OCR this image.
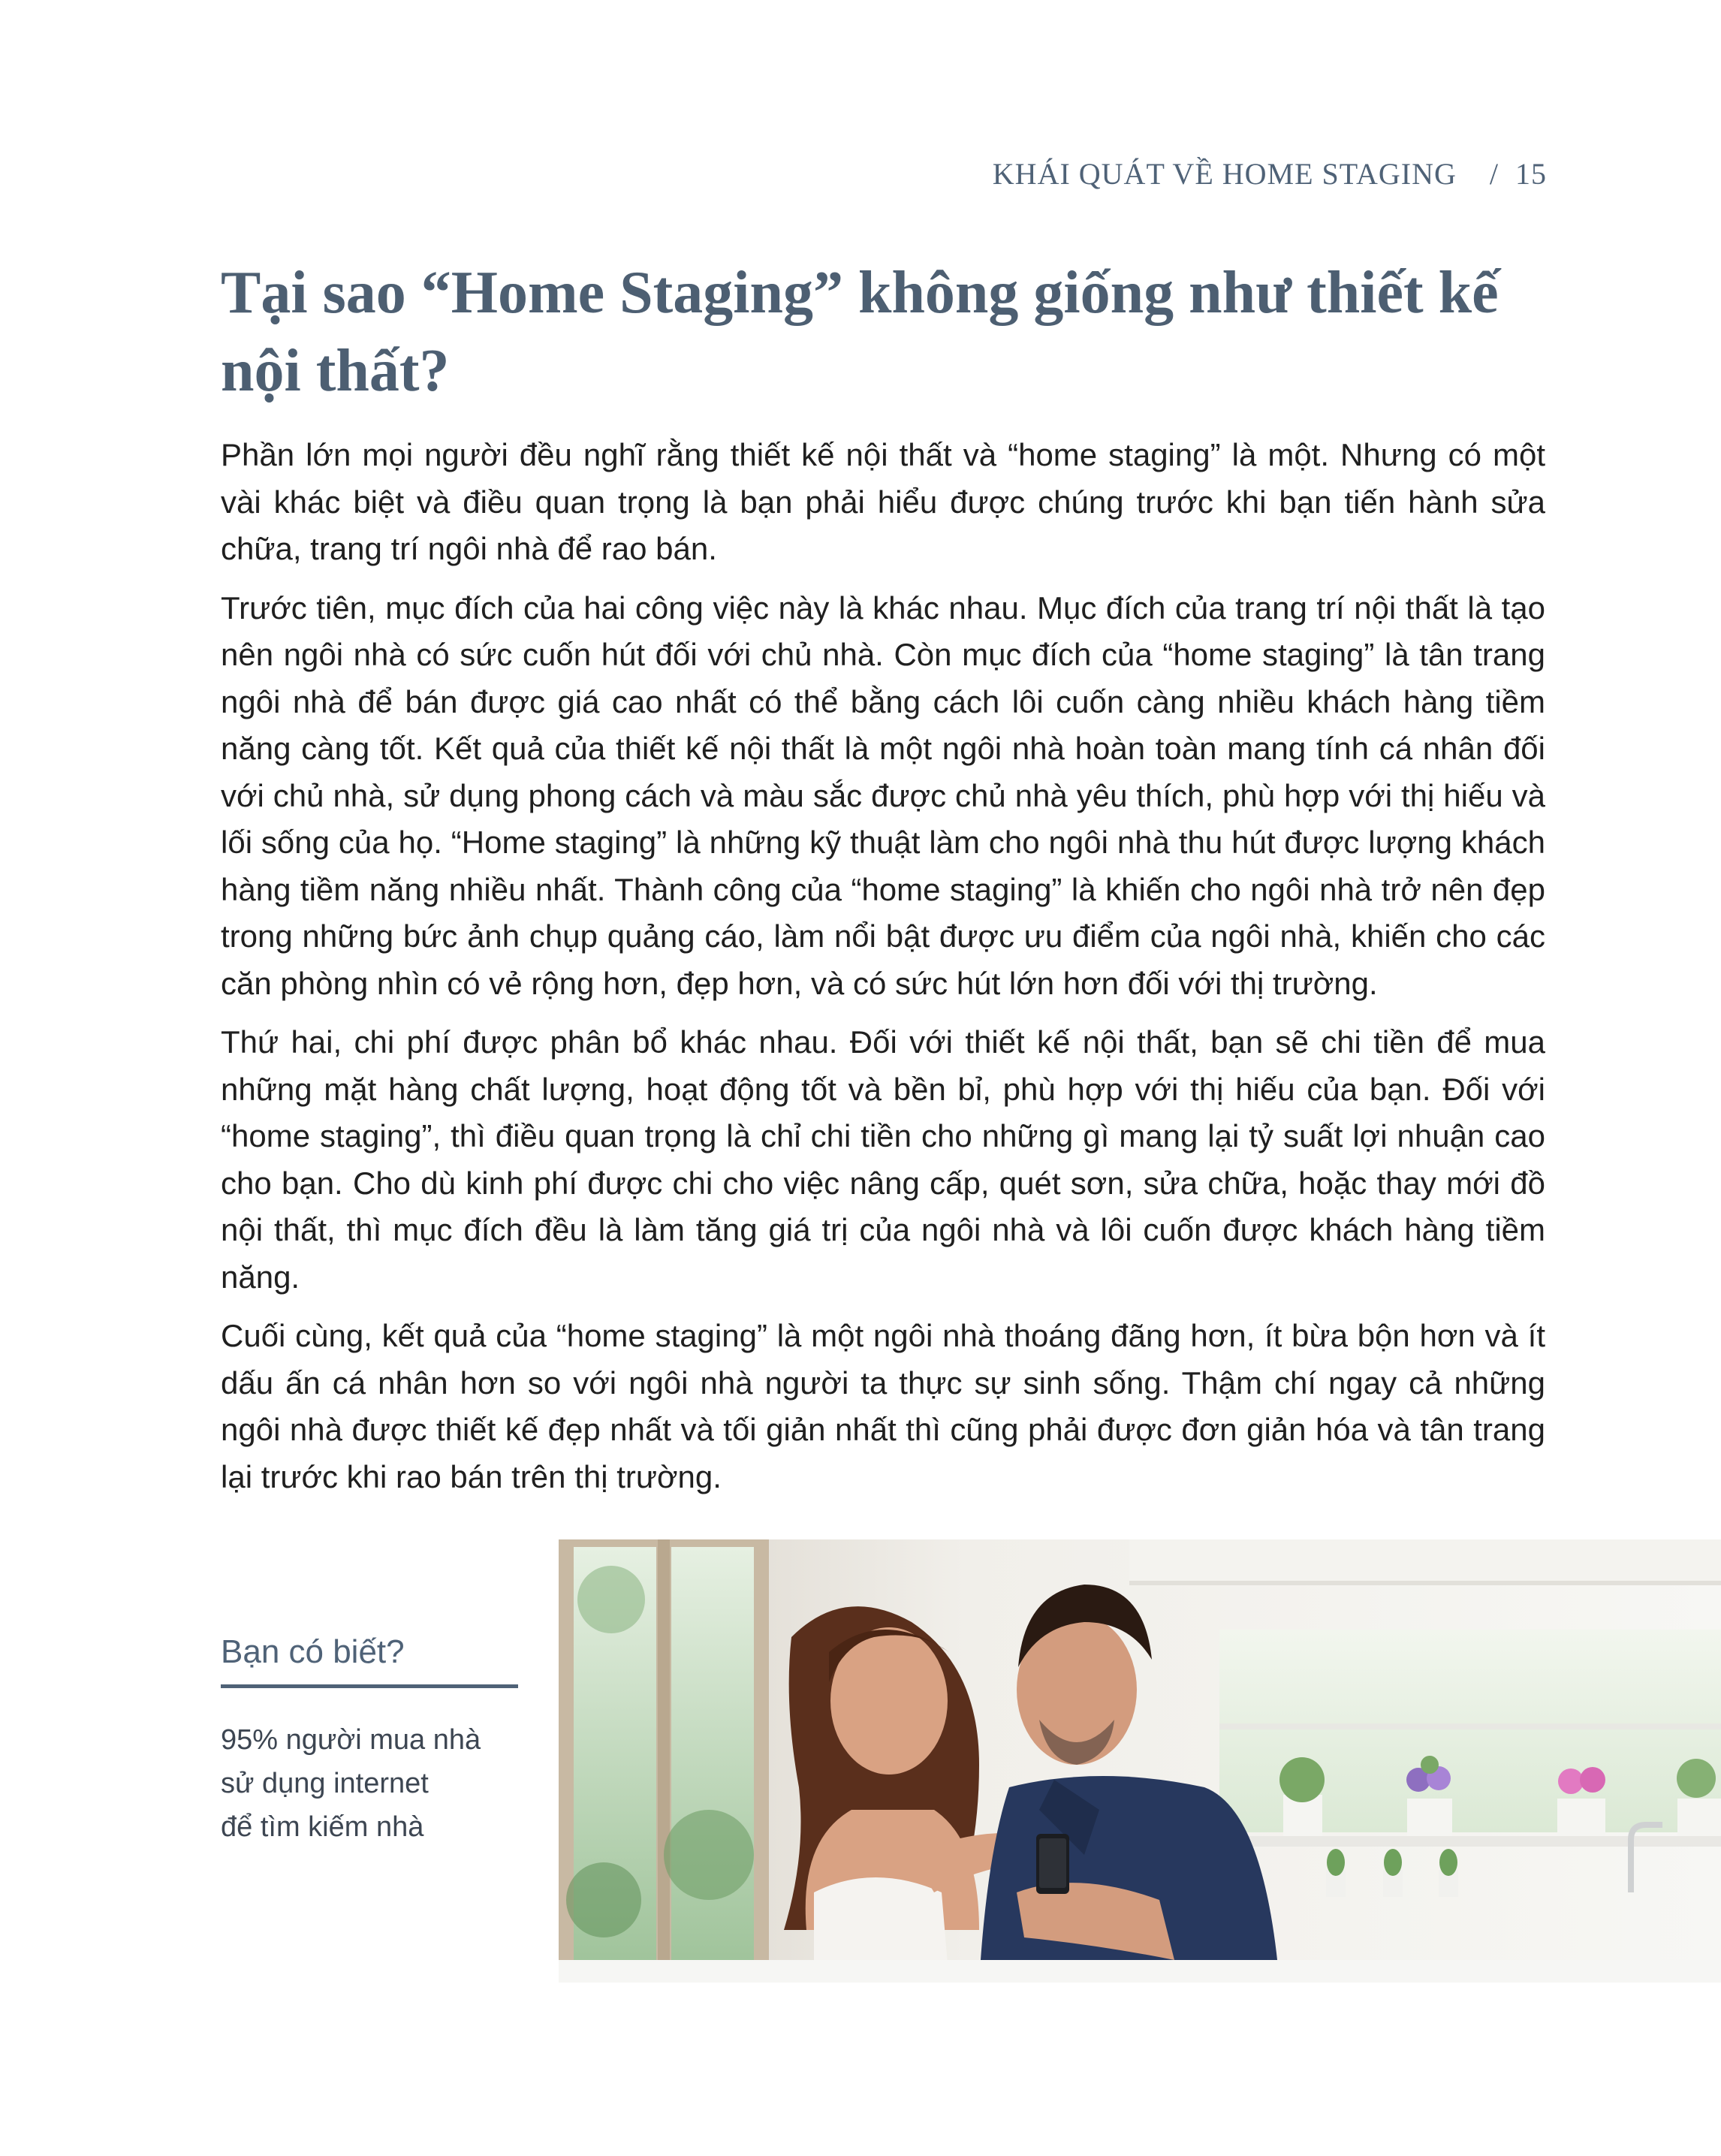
KHÁI QUÁT VỀ HOME STAGING / 15
Tại sao “Home Staging” không giống như thiết kế nội thất?

Phần lớn mọi người đều nghĩ rằng thiết kế nội thất và “home staging” là một. Nhưng có một vài khác biệt và điều quan trọng là bạn phải hiểu được chúng trước khi bạn tiến hành sửa chữa, trang trí ngôi nhà để rao bán.

Trước tiên, mục đích của hai công việc này là khác nhau. Mục đích của trang trí nội thất là tạo nên ngôi nhà có sức cuốn hút đối với chủ nhà. Còn mục đích của “home staging” là tân trang ngôi nhà để bán được giá cao nhất có thể bằng cách lôi cuốn càng nhiều khách hàng tiềm năng càng tốt. Kết quả của thiết kế nội thất là một ngôi nhà hoàn toàn mang tính cá nhân đối với chủ nhà, sử dụng phong cách và màu sắc được chủ nhà yêu thích, phù hợp với thị hiếu và lối sống của họ. “Home staging” là những kỹ thuật làm cho ngôi nhà thu hút được lượng khách hàng tiềm năng nhiều nhất. Thành công của “home staging” là khiến cho ngôi nhà trở nên đẹp trong những bức ảnh chụp quảng cáo, làm nổi bật được ưu điểm của ngôi nhà, khiến cho các căn phòng nhìn có vẻ rộng hơn, đẹp hơn, và có sức hút lớn hơn đối với thị trường.

Thứ hai, chi phí được phân bổ khác nhau. Đối với thiết kế nội thất, bạn sẽ chi tiền để mua những mặt hàng chất lượng, hoạt động tốt và bền bỉ, phù hợp với thị hiếu của bạn. Đối với “home staging”, thì điều quan trọng là chỉ chi tiền cho những gì mang lại tỷ suất lợi nhuận cao cho bạn. Cho dù kinh phí được chi cho việc nâng cấp, quét sơn, sửa chữa, hoặc thay mới đồ nội thất, thì mục đích đều là làm tăng giá trị của ngôi nhà và lôi cuốn được khách hàng tiềm năng.

Cuối cùng, kết quả của “home staging” là một ngôi nhà thoáng đãng hơn, ít bừa bộn hơn và ít dấu ấn cá nhân hơn so với ngôi nhà người ta thực sự sinh sống. Thậm chí ngay cả những ngôi nhà được thiết kế đẹp nhất và tối giản nhất thì cũng phải được đơn giản hóa và tân trang lại trước khi rao bán trên thị trường.

Bạn có biết?
95% người mua nhà
sử dụng internet
để tìm kiếm nhà
